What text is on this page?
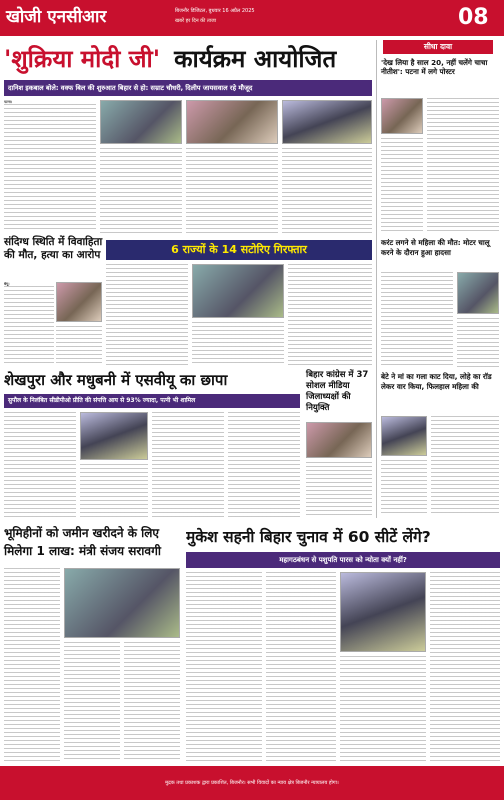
खोजी एनसीआर	बिजनौर डिजिटल, बुधवार 16 अप्रैल 2025
खबरें हर दिन की ताजा	08
'शुक्रिया मोदी जी' कार्यक्रम आयोजित
दानिश इकबाल बोले: वक्फ बिल की शुरुआत बिहार से हो: सम्राट चौधरी, दिलीप जायसवाल रहे मौजूद
पटना।
संदिग्ध स्थिति में विवाहिता की मौत, हत्या का आरोप
बेगू।
6 राज्यों के 14 सटोरिए गिरफ्तार
शेखपुरा और मधुबनी में एसवीयू का छापा
सुपौल के निलंबित सीडीपीओ प्रीति की संपत्ति आय से 93% ज्यादा, पत्नी भी शामिल
बिहार कांग्रेस में 37 सोशल मीडिया जिलाध्यक्षों की नियुक्ति
भूमिहीनों को जमीन खरीदने के लिए मिलेगा 1 लाख: मंत्री संजय सरावगी
मुकेश सहनी बिहार चुनाव में 60 सीटें लेंगे?
महागठबंधन से पशुपति पारस को न्योता क्यों नहीं?
सीधा दावा
'देख लिया है साल 20, नहीं चलेंगे चाचा नीतीश': पटना में लगे पोस्टर
करंट लगने से महिला की मौत: मोटर चालू करने के दौरान हुआ हादसा
बेटे ने मां का गला काट दिया, लोहे का रॉड लेकर वार किया, फिलहाल महिला की
मुद्रक तथा प्रकाशक द्वारा प्रकाशित, बिजनौर। सभी विवादों का न्याय क्षेत्र बिजनौर न्यायालय होगा।
